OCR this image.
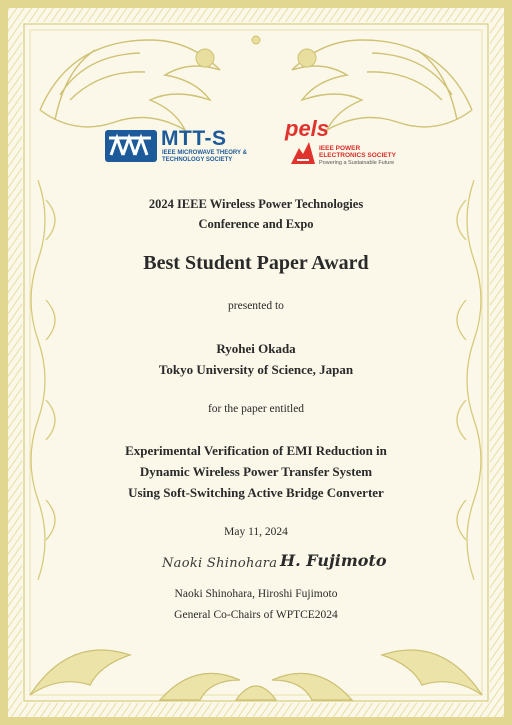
MTT-S
IEEE MICROWAVE THEORY &
TECHNOLOGY SOCIETY
pels
IEEE POWER
ELECTRONICS SOCIETY
Powering a Sustainable Future
2024 IEEE Wireless Power Technologies
Conference and Expo
Best Student Paper Award
presented to
Ryohei Okada
Tokyo University of Science, Japan
for the paper entitled
Experimental Verification of EMI Reduction in
Dynamic Wireless Power Transfer System
Using Soft-Switching Active Bridge Converter
May 11, 2024
Naoki Shinohara H. Fujimoto
Naoki Shinohara, Hiroshi Fujimoto
General Co-Chairs of WPTCE2024
